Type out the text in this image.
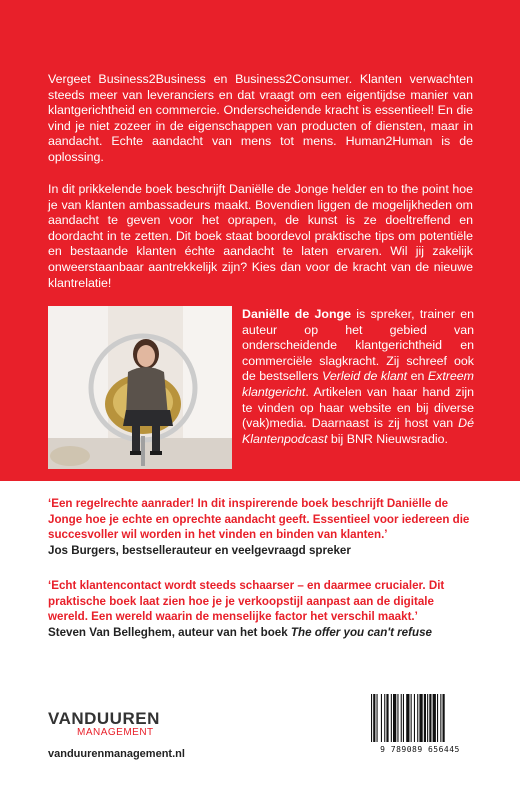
Vergeet Business2Business en Business2Consumer. Klanten verwachten steeds meer van leveranciers en dat vraagt om een eigentijdse manier van klantgerichtheid en commercie. Onderscheidende kracht is essentieel! En die vind je niet zozeer in de eigenschappen van producten of diensten, maar in aandacht. Echte aandacht van mens tot mens. Human2Human is de oplossing.
In dit prikkelende boek beschrijft Daniëlle de Jonge helder en to the point hoe je van klanten ambassadeurs maakt. Bovendien liggen de mogelijkheden om aandacht te geven voor het oprapen, de kunst is ze doeltreffend en doordacht in te zetten. Dit boek staat boordevol praktische tips om potentiële en bestaande klanten échte aandacht te laten ervaren. Wil jij zakelijk onweerstaanbaar aantrekkelijk zijn? Kies dan voor de kracht van de nieuwe klantrelatie!
Daniëlle de Jonge is spreker, trainer en auteur op het gebied van onderscheidende klantgerichtheid en commerciële slagkracht. Zij schreef ook de bestsellers Verleid de klant en Extreem klantgericht. Artikelen van haar hand zijn te vinden op haar website en bij diverse (vak)media. Daarnaast is zij host van Dé Klantenpodcast bij BNR Nieuwsradio.
‘Een regelrechte aanrader! In dit inspirerende boek beschrijft Daniëlle de Jonge hoe je echte en oprechte aandacht geeft. Essentieel voor iedereen die succesvoller wil worden in het vinden en binden van klanten.’
Jos Burgers, bestsellerauteur en veelgevraagd spreker
‘Echt klantencontact wordt steeds schaarser – en daarmee crucialer. Dit praktische boek laat zien hoe je je verkoopstijl aanpast aan de digitale wereld. Een wereld waarin de menselijke factor het verschil maakt.’
Steven Van Belleghem, auteur van het boek The offer you can't refuse
VANDUUREN
MANAGEMENT
vanduurenmanagement.nl	9 789089 656445
